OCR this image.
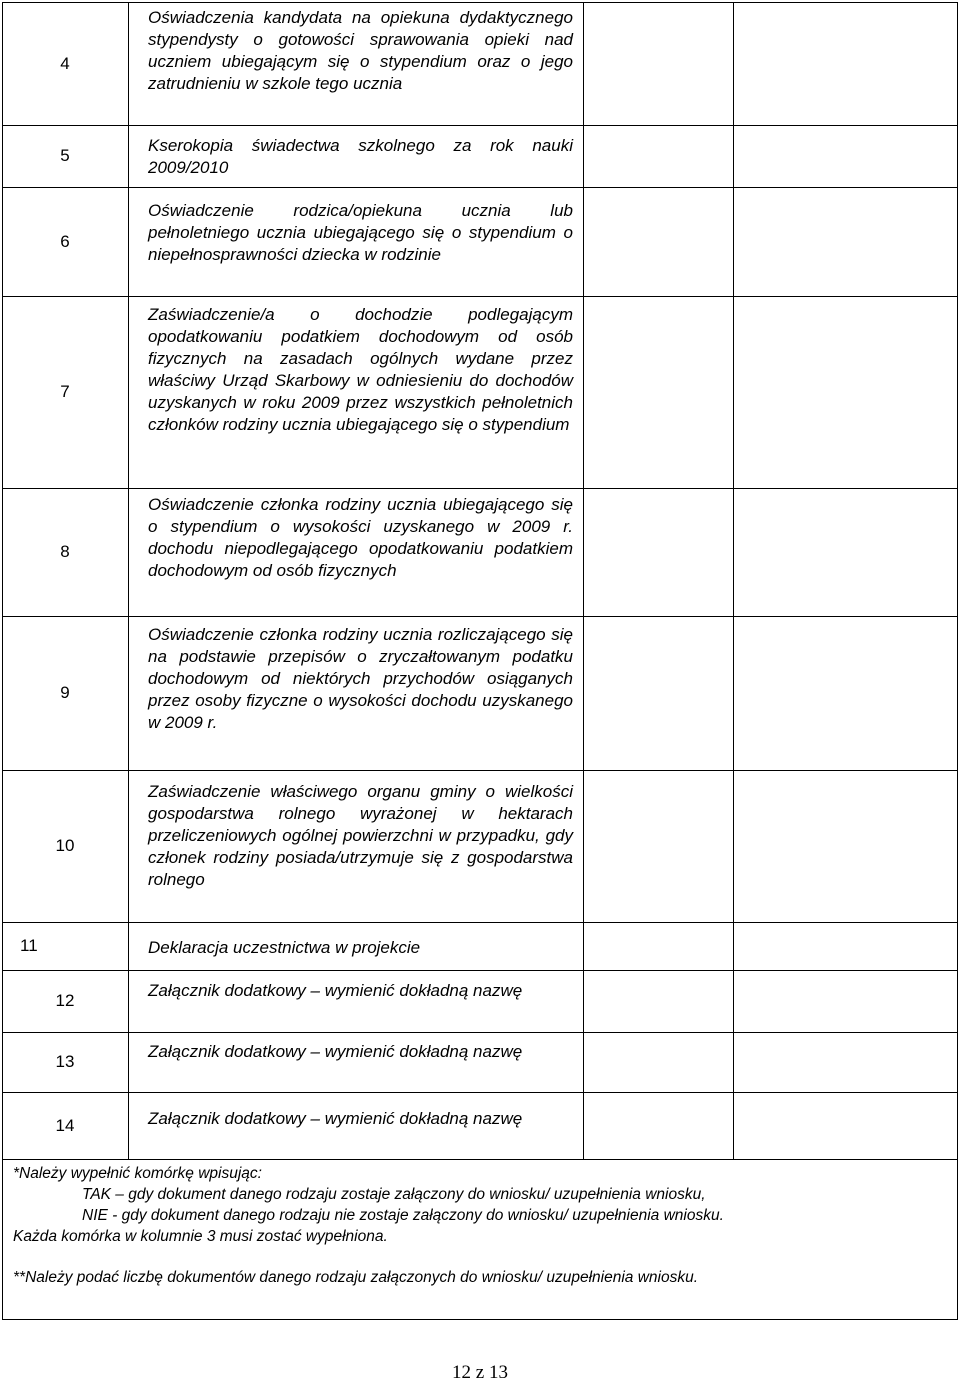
4
Oświadczenia kandydata na opiekuna dydaktycznego stypendysty o gotowości sprawowania opieki nad uczniem ubiegającym się o stypendium oraz o jego zatrudnieniu w szkole tego ucznia
5
Kserokopia świadectwa szkolnego za rok nauki 2009/2010
6
Oświadczenie rodzica/opiekuna ucznia lub pełnoletniego ucznia ubiegającego się o stypendium o niepełnosprawności dziecka w rodzinie
7
Zaświadczenie/a o dochodzie podlegającym opodatkowaniu podatkiem dochodowym od osób fizycznych na zasadach ogólnych wydane przez właściwy Urząd Skarbowy w odniesieniu do dochodów uzyskanych w roku 2009 przez wszystkich pełnoletnich członków rodziny ucznia ubiegającego się o stypendium
8
Oświadczenie członka rodziny ucznia ubiegającego się o stypendium o wysokości uzyskanego w 2009 r. dochodu niepodlegającego opodatkowaniu podatkiem dochodowym od osób fizycznych
9
Oświadczenie członka rodziny ucznia rozliczającego się na podstawie przepisów o zryczałtowanym podatku dochodowym od niektórych przychodów osiąganych przez osoby fizyczne o wysokości dochodu uzyskanego w 2009 r.
10
Zaświadczenie właściwego organu gminy o wielkości gospodarstwa rolnego wyrażonej w hektarach przeliczeniowych ogólnej powierzchni w przypadku, gdy członek rodziny posiada/utrzymuje się z gospodarstwa rolnego
11	Deklaracja uczestnictwa w projekcie
12
Załącznik dodatkowy – wymienić dokładną nazwę
13
Załącznik dodatkowy – wymienić dokładną nazwę
14	Załącznik dodatkowy – wymienić dokładną nazwę
*Należy wypełnić komórkę wpisując:
TAK – gdy dokument danego rodzaju zostaje załączony do wniosku/ uzupełnienia wniosku,
NIE - gdy dokument danego rodzaju nie zostaje załączony do wniosku/ uzupełnienia wniosku.
Każda komórka w kolumnie 3 musi zostać wypełniona.
**Należy podać liczbę dokumentów danego rodzaju załączonych do wniosku/ uzupełnienia wniosku.
12 z 13
